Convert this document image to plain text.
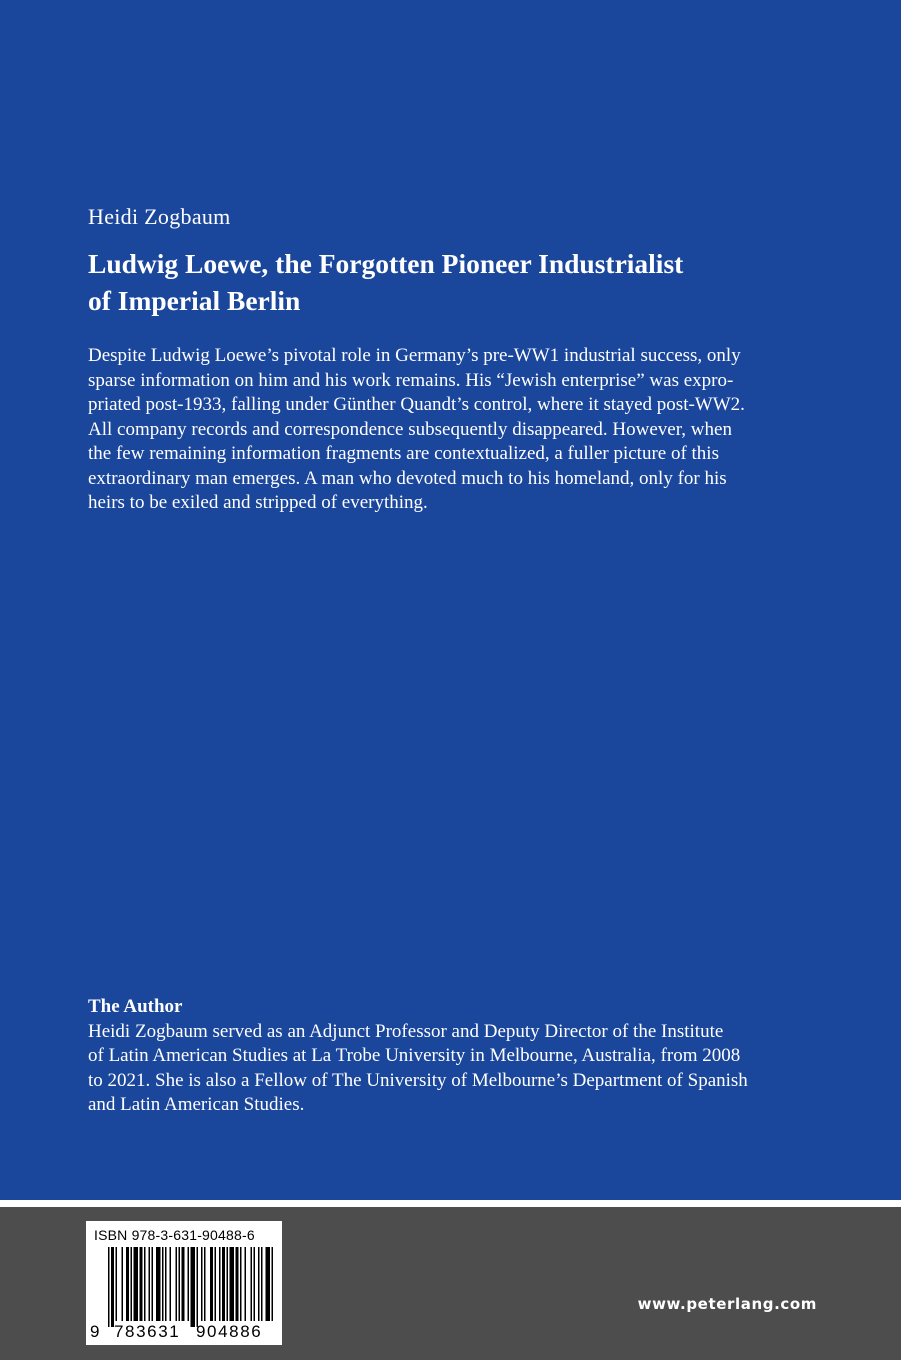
Heidi Zogbaum
Ludwig Loewe, the Forgotten Pioneer Industrialist
of Imperial Berlin

Despite Ludwig Loewe’s pivotal role in Germany’s pre-WW1 industrial success, only
sparse information on him and his work remains. His “Jewish enterprise” was expro-
priated post-1933, falling under Günther Quandt’s control, where it stayed post-WW2.
All company records and correspondence subsequently disappeared. However, when
the few remaining information fragments are contextualized, a fuller picture of this
extraordinary man emerges. A man who devoted much to his homeland, only for his
heirs to be exiled and stripped of everything.

The Author

Heidi Zogbaum served as an Adjunct Professor and Deputy Director of the Institute
of Latin American Studies at La Trobe University in Melbourne, Australia, from 2008
to 2021. She is also a Fellow of The University of Melbourne’s Department of Spanish
and Latin American Studies.

ISBN 978-3-631-90488-6
9 783631 904886
www.peterlang.com
